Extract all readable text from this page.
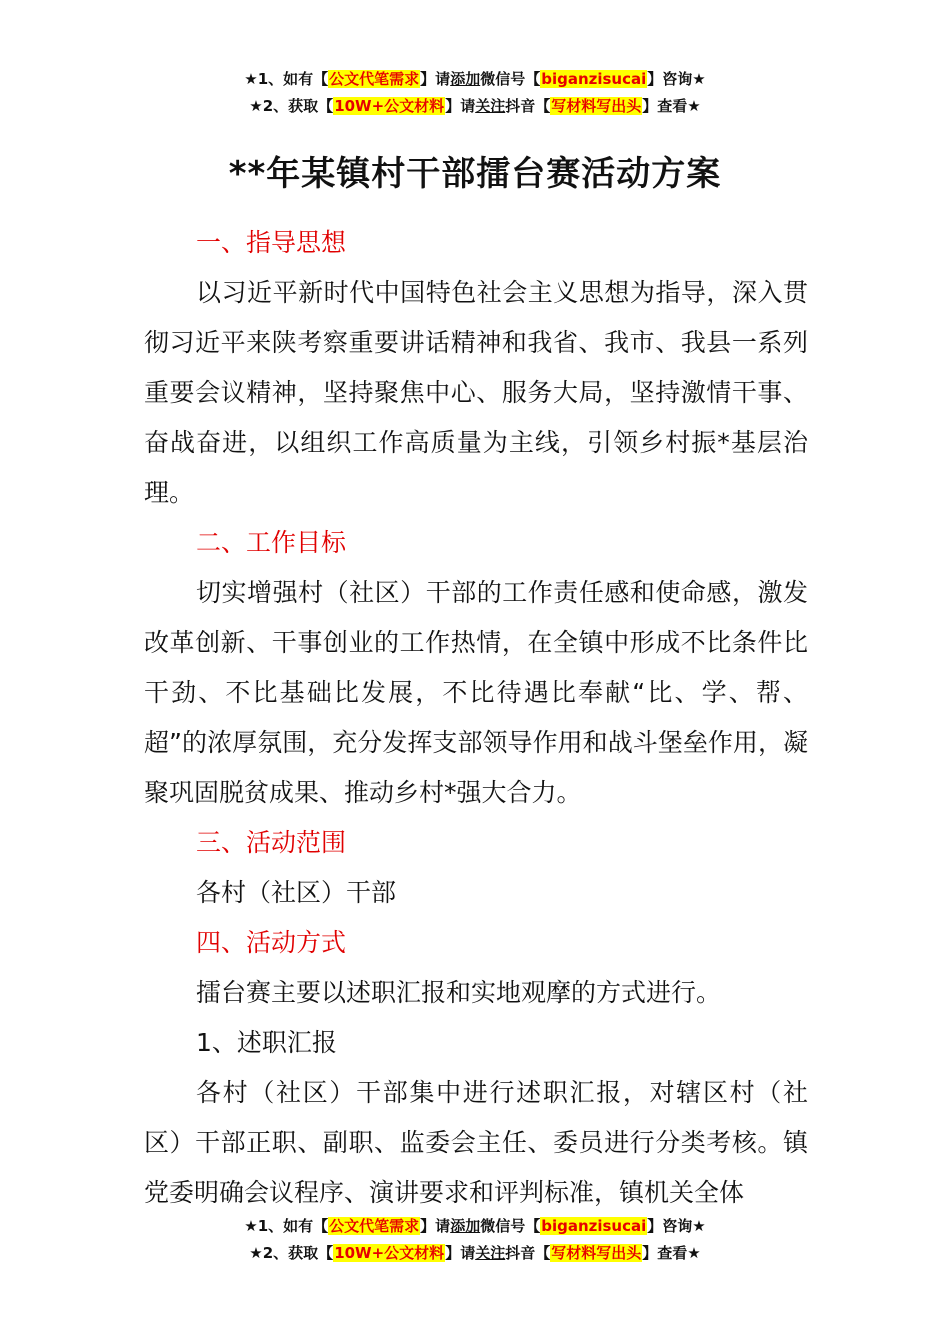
★1、如有【公文代笔需求】请添加微信号【biganzisucai】咨询★
★2、获取【10W+公文材料】请关注抖音【写材料写出头】查看★
**年某镇村干部擂台赛活动方案

一、指导思想

以习近平新时代中国特色社会主义思想为指导，深入贯彻习近平来陕考察重要讲话精神和我省、我市、我县一系列重要会议精神，坚持聚焦中心、服务大局，坚持激情干事、奋战奋进，以组织工作高质量为主线，引领乡村振*基层治理。

二、工作目标

切实增强村（社区）干部的工作责任感和使命感，激发改革创新、干事创业的工作热情，在全镇中形成不比条件比干劲、不比基础比发展，不比待遇比奉献“比、学、帮、超”的浓厚氛围，充分发挥支部领导作用和战斗堡垒作用，凝聚巩固脱贫成果、推动乡村*强大合力。

三、活动范围

各村（社区）干部

四、活动方式

擂台赛主要以述职汇报和实地观摩的方式进行。

1、述职汇报

各村（社区）干部集中进行述职汇报，对辖区村（社区）干部正职、副职、监委会主任、委员进行分类考核。镇党委明确会议程序、演讲要求和评判标准，镇机关全体

★1、如有【公文代笔需求】请添加微信号【biganzisucai】咨询★
★2、获取【10W+公文材料】请关注抖音【写材料写出头】查看★
